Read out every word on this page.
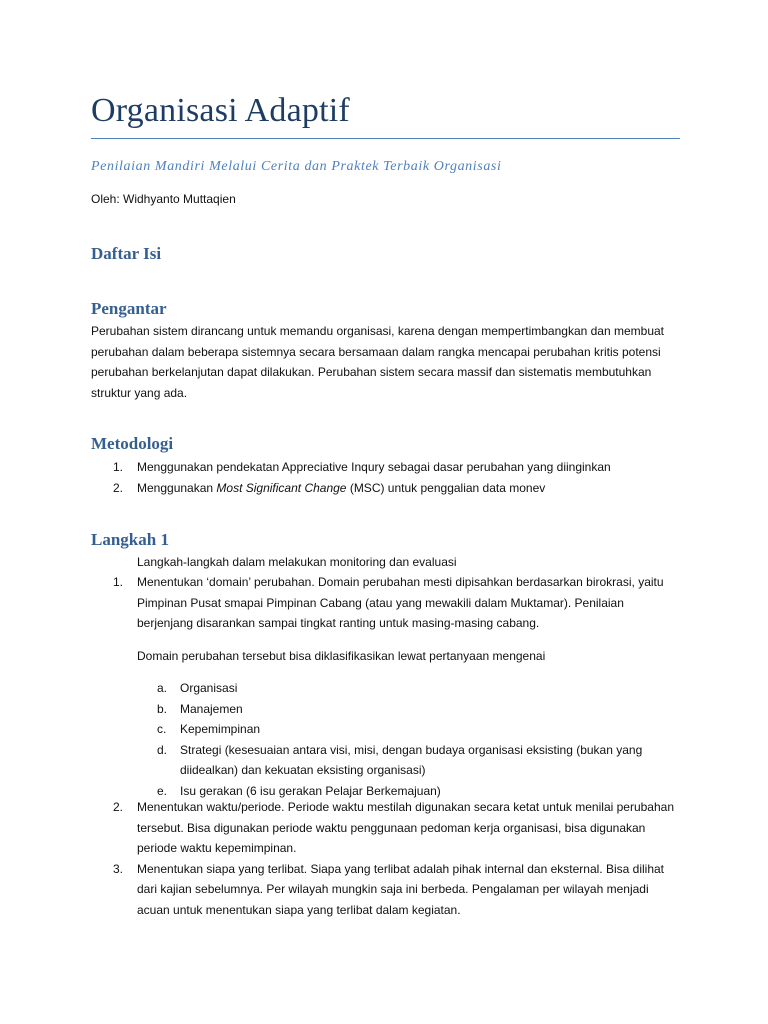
Organisasi Adaptif
Penilaian Mandiri Melalui Cerita dan Praktek Terbaik Organisasi
Oleh: Widhyanto Muttaqien
Daftar Isi
Pengantar

Perubahan sistem dirancang untuk memandu organisasi, karena dengan mempertimbangkan dan membuat perubahan dalam beberapa sistemnya secara bersamaan dalam rangka mencapai perubahan kritis potensi perubahan berkelanjutan dapat dilakukan. Perubahan sistem secara massif dan sistematis membutuhkan struktur yang ada.

Metodologi
1. Menggunakan pendekatan Appreciative Inqury sebagai dasar perubahan yang diinginkan
2. Menggunakan Most Significant Change (MSC) untuk penggalian data monev
Langkah 1

Langkah-langkah dalam melakukan monitoring dan evaluasi

1. Menentukan ‘domain’ perubahan. Domain perubahan mesti dipisahkan berdasarkan birokrasi, yaitu Pimpinan Pusat smapai Pimpinan Cabang (atau yang mewakili dalam Muktamar). Penilaian berjenjang disarankan sampai tingkat ranting untuk masing-masing cabang.

Domain perubahan tersebut bisa diklasifikasikan lewat pertanyaan mengenai

a. Organisasi
b. Manajemen
c. Kepemimpinan
d. Strategi (kesesuaian antara visi, misi, dengan budaya organisasi eksisting (bukan yang diidealkan) dan kekuatan eksisting organisasi)
e. Isu gerakan (6 isu gerakan Pelajar Berkemajuan)
2. Menentukan waktu/periode. Periode waktu mestilah digunakan secara ketat untuk menilai perubahan tersebut. Bisa digunakan periode waktu penggunaan pedoman kerja organisasi, bisa digunakan periode waktu kepemimpinan.
3. Menentukan siapa yang terlibat. Siapa yang terlibat adalah pihak internal dan eksternal. Bisa dilihat dari kajian sebelumnya. Per wilayah mungkin saja ini berbeda. Pengalaman per wilayah menjadi acuan untuk menentukan siapa yang terlibat dalam kegiatan.
